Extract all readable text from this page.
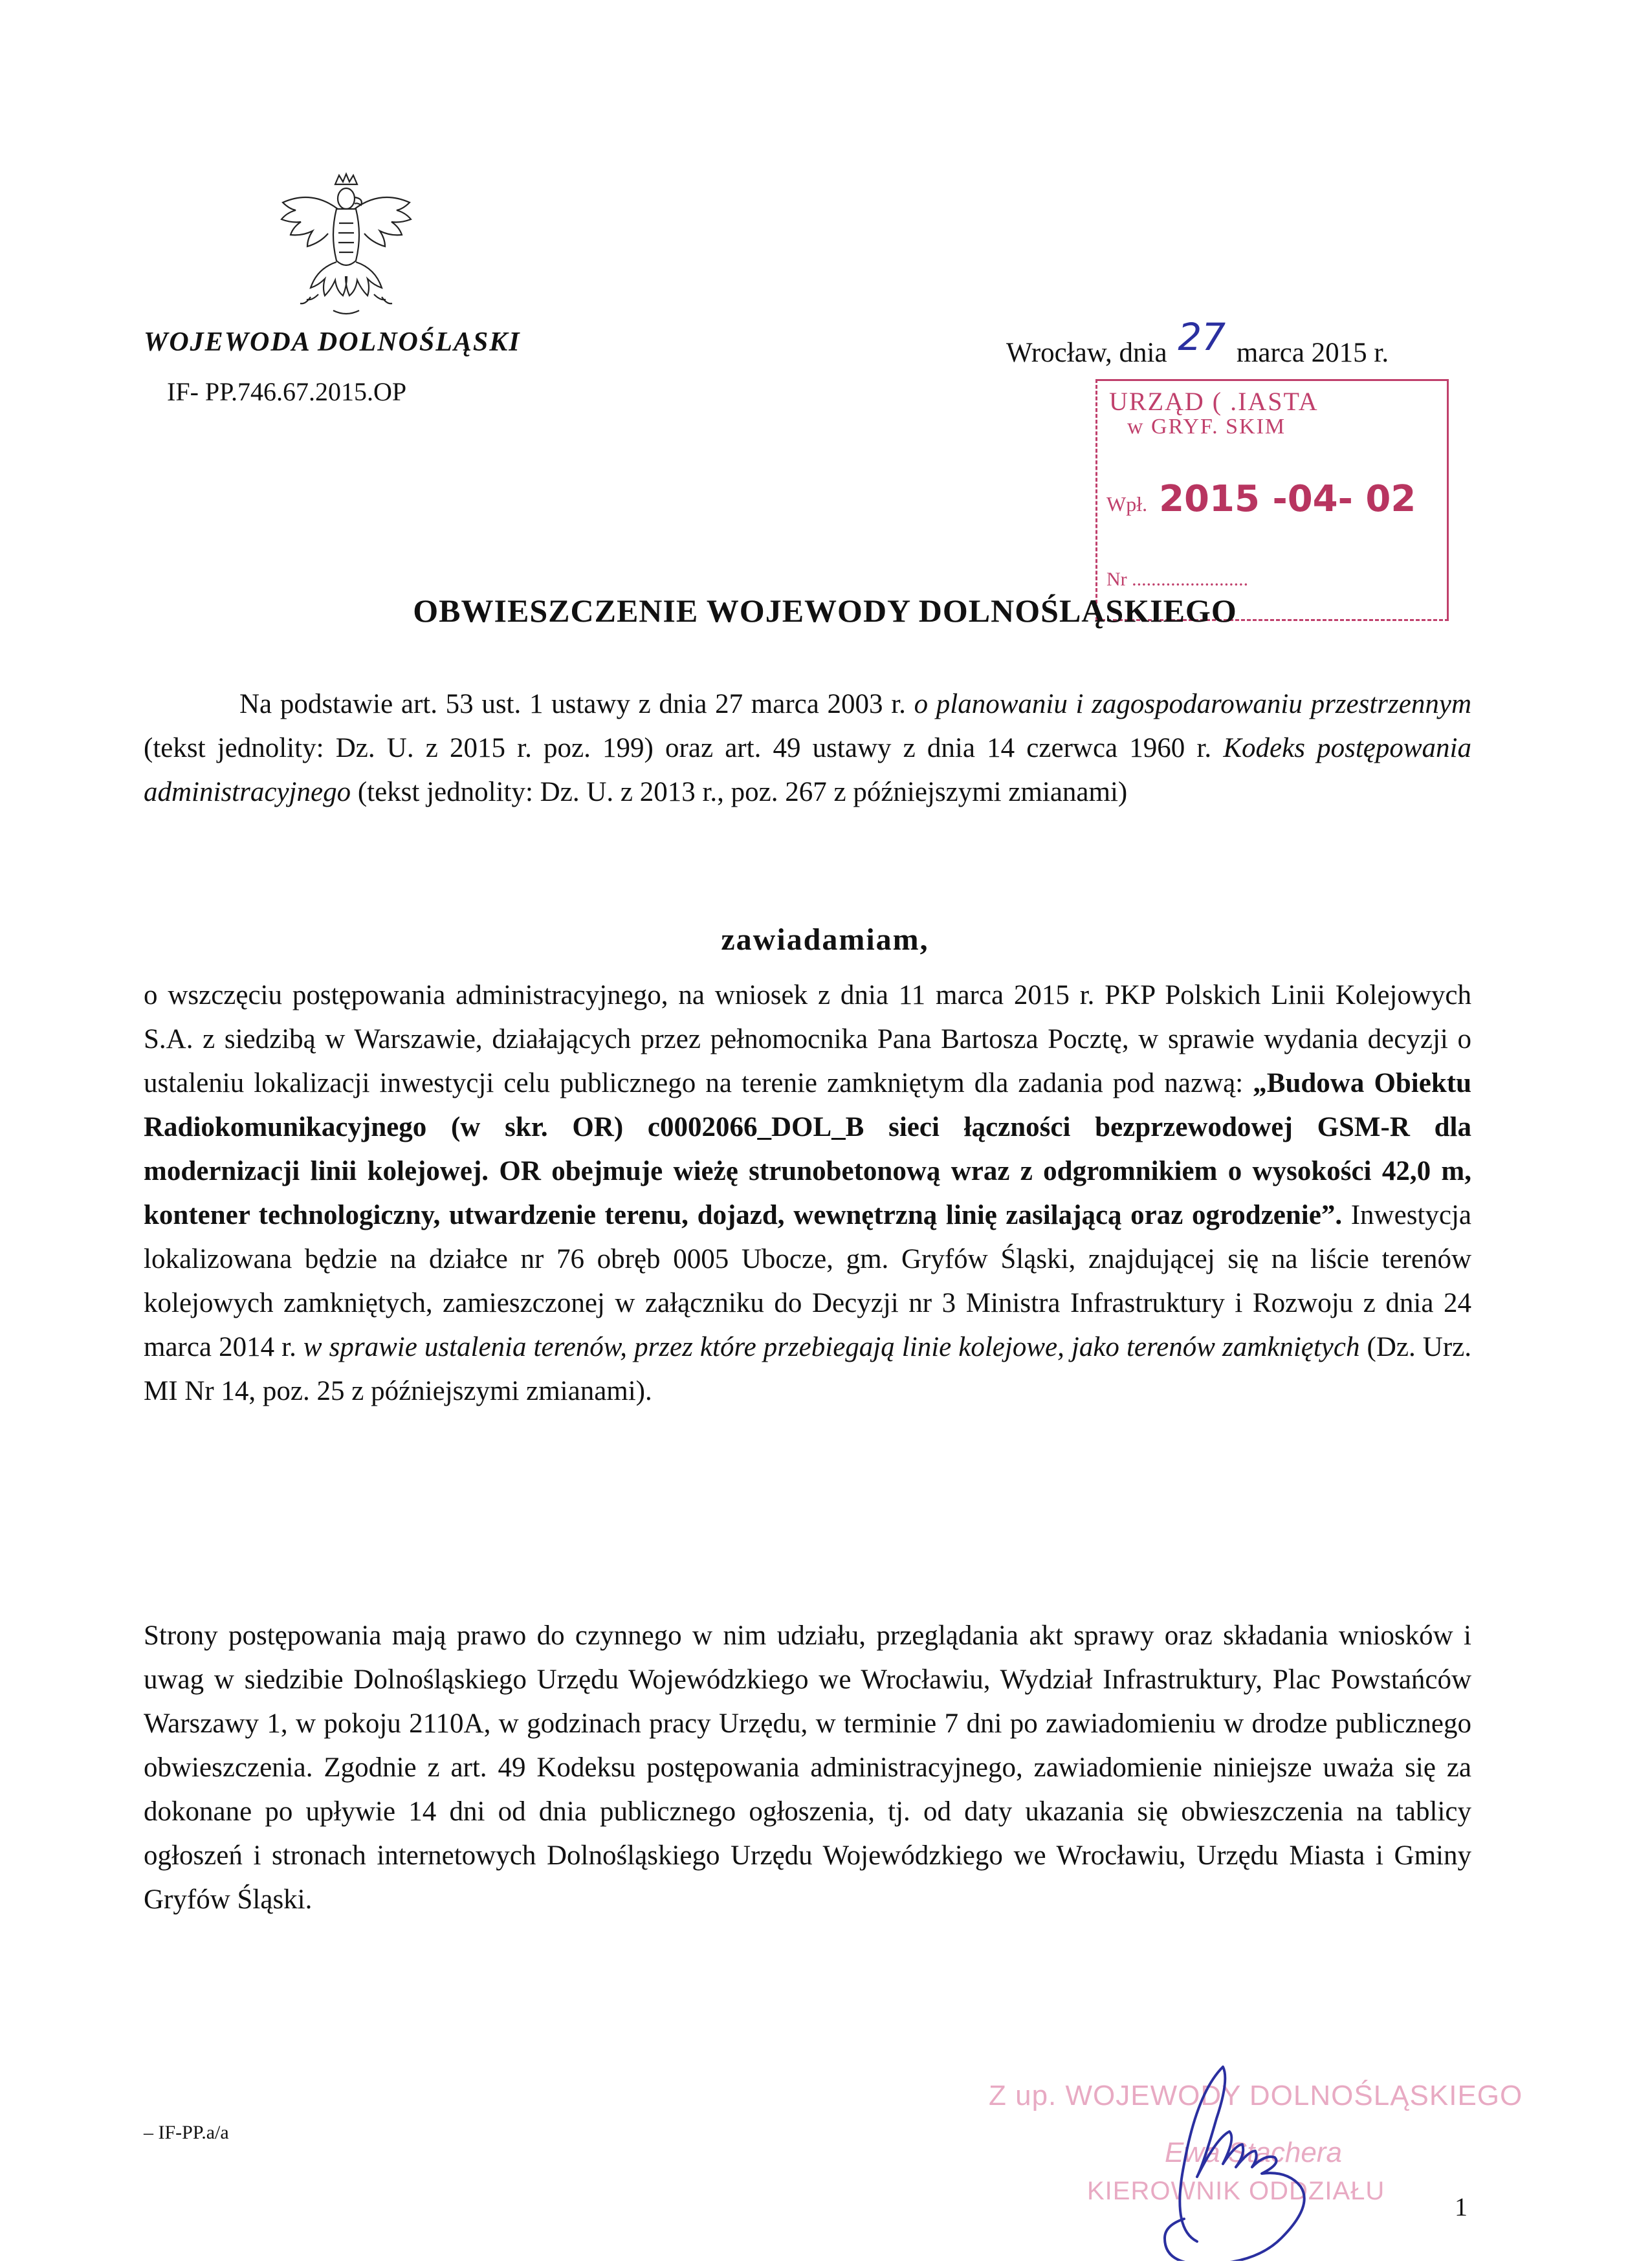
WOJEWODA DOLNOŚLĄSKI
IF- PP.746.67.2015.OP
Wrocław, dnia 27 marca 2015 r.
URZĄD ( .IASTA
w GRYF. SKIM
Wpł. 2015 -04- 02
Nr ........................
OBWIESZCZENIE WOJEWODY DOLNOŚLĄSKIEGO

Na podstawie art. 53 ust. 1 ustawy z dnia 27 marca 2003 r. o planowaniu i zagospodarowaniu przestrzennym (tekst jednolity: Dz. U. z 2015 r. poz. 199) oraz art. 49 ustawy z dnia 14 czerwca 1960 r. Kodeks postępowania administracyjnego (tekst jednolity: Dz. U. z 2013 r., poz. 267 z późniejszymi zmianami)

zawiadamiam,

o wszczęciu postępowania administracyjnego, na wniosek z dnia 11 marca 2015 r. PKP Polskich Linii Kolejowych S.A. z siedzibą w Warszawie, działających przez pełnomocnika Pana Bartosza Pocztę, w sprawie wydania decyzji o ustaleniu lokalizacji inwestycji celu publicznego na terenie zamkniętym dla zadania pod nazwą: „Budowa Obiektu Radiokomunikacyjnego (w skr. OR) c0002066_DOL_B sieci łączności bezprzewodowej GSM-R dla modernizacji linii kolejowej. OR obejmuje wieżę strunobetonową wraz z odgromnikiem o wysokości 42,0 m, kontener technologiczny, utwardzenie terenu, dojazd, wewnętrzną linię zasilającą oraz ogrodzenie”. Inwestycja lokalizowana będzie na działce nr 76 obręb 0005 Ubocze, gm. Gryfów Śląski, znajdującej się na liście terenów kolejowych zamkniętych, zamieszczonej w załączniku do Decyzji nr 3 Ministra Infrastruktury i Rozwoju z dnia 24 marca 2014 r. w sprawie ustalenia terenów, przez które przebiegają linie kolejowe, jako terenów zamkniętych (Dz. Urz. MI Nr 14, poz. 25 z późniejszymi zmianami).

Strony postępowania mają prawo do czynnego w nim udziału, przeglądania akt sprawy oraz składania wniosków i uwag w siedzibie Dolnośląskiego Urzędu Wojewódzkiego we Wrocławiu, Wydział Infrastruktury, Plac Powstańców Warszawy 1, w pokoju 2110A, w godzinach pracy Urzędu, w terminie 7 dni po zawiadomieniu w drodze publicznego obwieszczenia. Zgodnie z art. 49 Kodeksu postępowania administracyjnego, zawiadomienie niniejsze uważa się za dokonane po upływie 14 dni od dnia publicznego ogłoszenia, tj. od daty ukazania się obwieszczenia na tablicy ogłoszeń i stronach internetowych Dolnośląskiego Urzędu Wojewódzkiego we Wrocławiu, Urzędu Miasta i Gminy Gryfów Śląski.

Z up. WOJEWODY DOLNOŚLĄSKIEGO
Ewa Stachera
KIEROWNIK ODDZIAŁU
– IF-PP.a/a
1
